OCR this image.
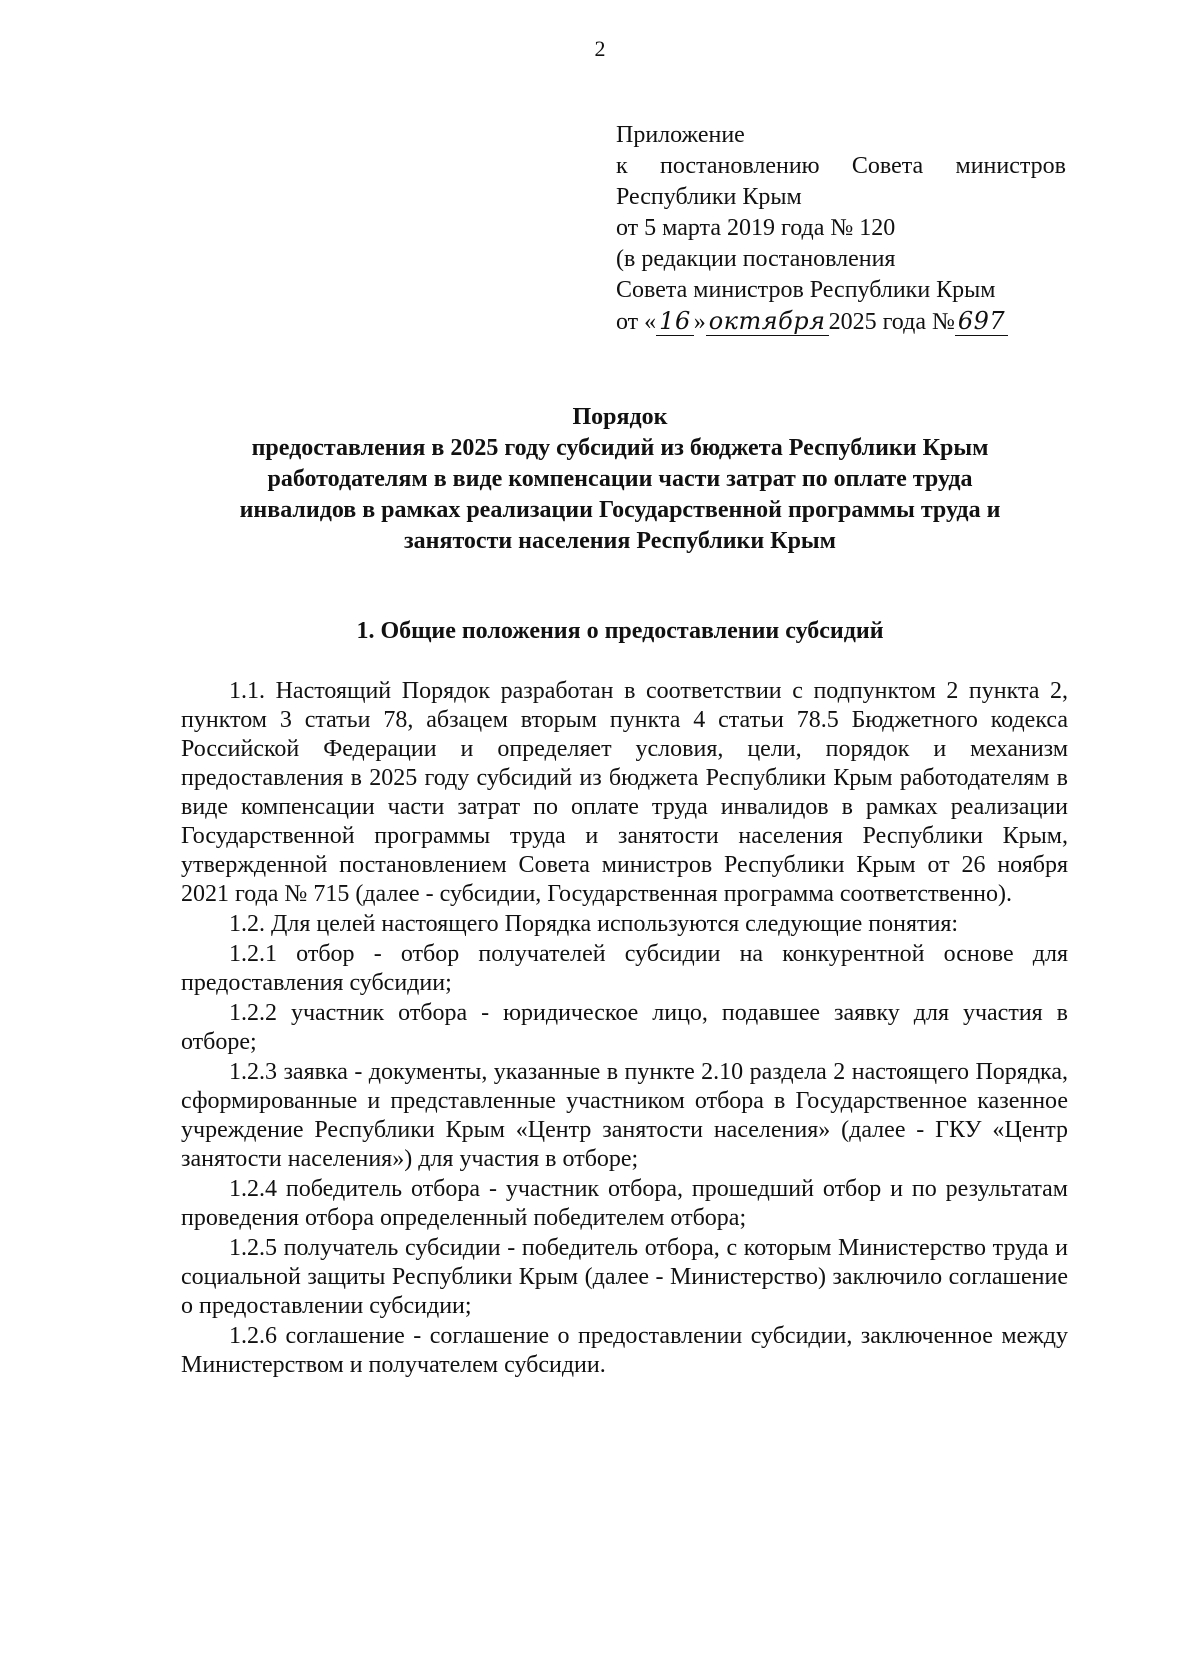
2
Приложение
к постановлению Совета министров
Республики Крым
от 5 марта 2019 года № 120
(в редакции постановления
Совета министров Республики Крым
от « 16 » октября 2025 года № 697
Порядок
предоставления в 2025 году субсидий из бюджета Республики Крым
работодателям в виде компенсации части затрат по оплате труда
инвалидов в рамках реализации Государственной программы труда и
занятости населения Республики Крым
1. Общие положения о предоставлении субсидий

1.1. Настоящий Порядок разработан в соответствии с подпунктом 2 пункта 2, пунктом 3 статьи 78, абзацем вторым пункта 4 статьи 78.5 Бюджетного кодекса Российской Федерации и определяет условия, цели, порядок и механизм предоставления в 2025 году субсидий из бюджета Республики Крым работодателям в виде компенсации части затрат по оплате труда инвалидов в рамках реализации Государственной программы труда и занятости населения Республики Крым, утвержденной постановлением Совета министров Республики Крым от 26 ноября 2021 года № 715 (далее - субсидии, Государственная программа соответственно).

1.2. Для целей настоящего Порядка используются следующие понятия:

1.2.1 отбор - отбор получателей субсидии на конкурентной основе для предоставления субсидии;

1.2.2 участник отбора - юридическое лицо, подавшее заявку для участия в отборе;

1.2.3 заявка - документы, указанные в пункте 2.10 раздела 2 настоящего Порядка, сформированные и представленные участником отбора в Государственное казенное учреждение Республики Крым «Центр занятости населения» (далее - ГКУ «Центр занятости населения») для участия в отборе;

1.2.4 победитель отбора - участник отбора, прошедший отбор и по результатам проведения отбора определенный победителем отбора;

1.2.5 получатель субсидии - победитель отбора, с которым Министерство труда и социальной защиты Республики Крым (далее - Министерство) заключило соглашение о предоставлении субсидии;

1.2.6 соглашение - соглашение о предоставлении субсидии, заключенное между Министерством и получателем субсидии.
